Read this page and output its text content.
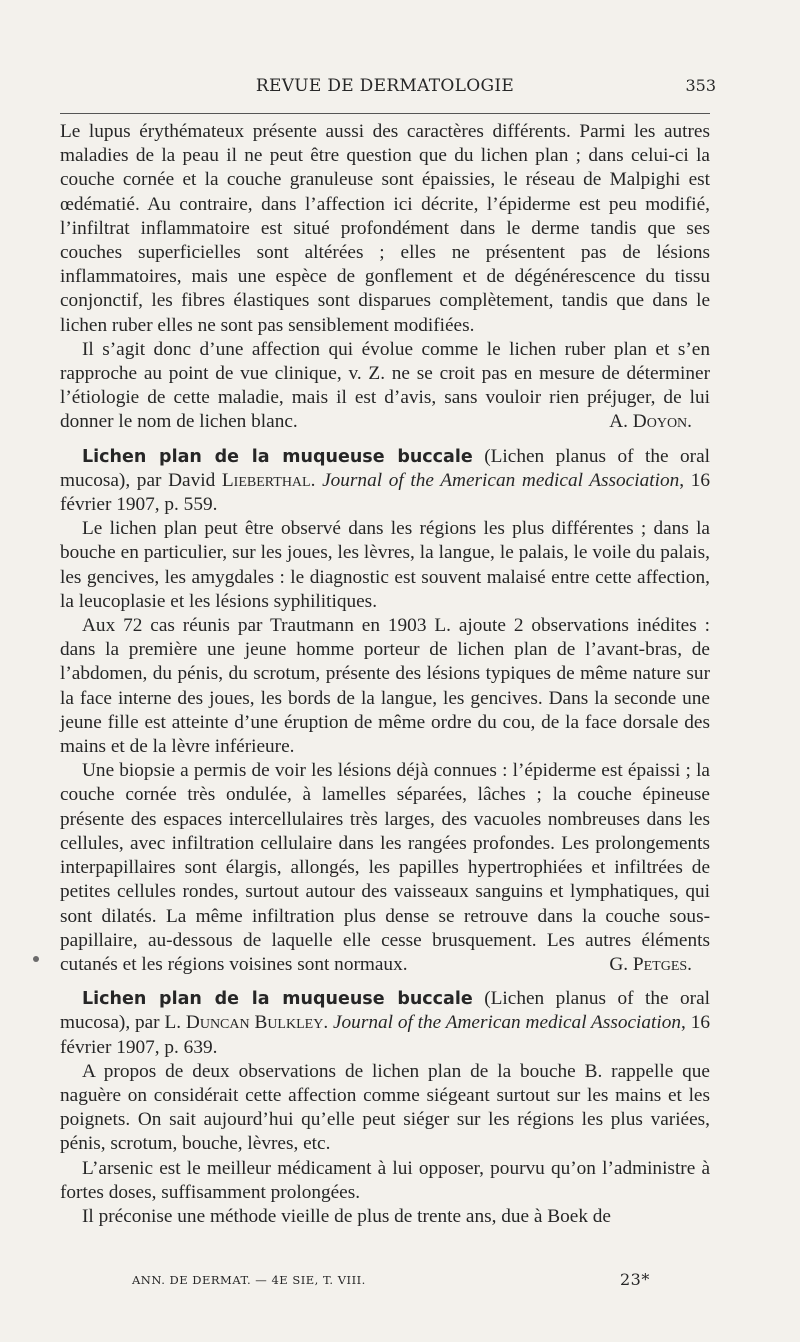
REVUE DE DERMATOLOGIE	353

Le lupus érythémateux présente aussi des caractères différents. Parmi les autres maladies de la peau il ne peut être question que du lichen plan ; dans celui-ci la couche cornée et la couche granuleuse sont épaissies, le réseau de Malpighi est œdématié. Au contraire, dans l’affection ici décrite, l’épiderme est peu modifié, l’infiltrat inflammatoire est situé profondément dans le derme tandis que ses couches superficielles sont altérées ; elles ne présentent pas de lésions inflammatoires, mais une espèce de gonflement et de dégénérescence du tissu conjonctif, les fibres élastiques sont disparues complètement, tandis que dans le lichen ruber elles ne sont pas sensiblement modifiées.

Il s’agit donc d’une affection qui évolue comme le lichen ruber plan et s’en rapproche au point de vue clinique, v. Z. ne se croit pas en mesure de déterminer l’étiologie de cette maladie, mais il est d’avis, sans vouloir rien préjuger, de lui donner le nom de lichen blanc.	A. Doyon.

Lichen plan de la muqueuse buccale (Lichen planus of the oral mucosa), par David Lieberthal. Journal of the American medical Association, 16 février 1907, p. 559.

Le lichen plan peut être observé dans les régions les plus différentes ; dans la bouche en particulier, sur les joues, les lèvres, la langue, le palais, le voile du palais, les gencives, les amygdales : le diagnostic est souvent malaisé entre cette affection, la leucoplasie et les lésions syphilitiques.

Aux 72 cas réunis par Trautmann en 1903 L. ajoute 2 observations inédites : dans la première une jeune homme porteur de lichen plan de l’avant-bras, de l’abdomen, du pénis, du scrotum, présente des lésions typiques de même nature sur la face interne des joues, les bords de la langue, les gencives. Dans la seconde une jeune fille est atteinte d’une éruption de même ordre du cou, de la face dorsale des mains et de la lèvre inférieure.

Une biopsie a permis de voir les lésions déjà connues : l’épiderme est épaissi ; la couche cornée très ondulée, à lamelles séparées, lâches ; la couche épineuse présente des espaces intercellulaires très larges, des vacuoles nombreuses dans les cellules, avec infiltration cellulaire dans les rangées profondes. Les prolongements interpapillaires sont élargis, allongés, les papilles hypertrophiées et infiltrées de petites cellules rondes, surtout autour des vaisseaux sanguins et lymphatiques, qui sont dilatés. La même infiltration plus dense se retrouve dans la couche sous-papillaire, au-dessous de laquelle elle cesse brusquement. Les autres éléments cutanés et les régions voisines sont normaux.	G. Petges.

Lichen plan de la muqueuse buccale (Lichen planus of the oral mucosa), par L. Duncan Bulkley. Journal of the American medical Association, 16 février 1907, p. 639.

A propos de deux observations de lichen plan de la bouche B. rappelle que naguère on considérait cette affection comme siégeant surtout sur les mains et les poignets. On sait aujourd’hui qu’elle peut siéger sur les régions les plus variées, pénis, scrotum, bouche, lèvres, etc.

L’arsenic est le meilleur médicament à lui opposer, pourvu qu’on l’administre à fortes doses, suffisamment prolongées.

Il préconise une méthode vieille de plus de trente ans, due à Boek de

ANN. DE DERMAT. — 4E SIE, T. VIII.	23*
